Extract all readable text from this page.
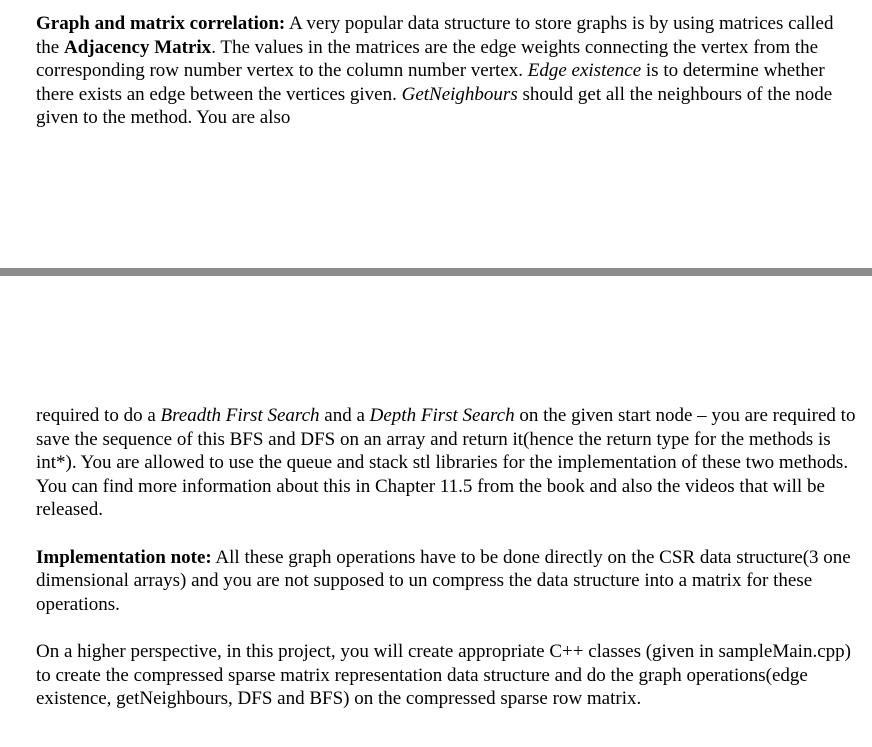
Graph and matrix correlation: A very popular data structure to store graphs is by using matrices called the Adjacency Matrix. The values in the matrices are the edge weights connecting the vertex from the corresponding row number vertex to the column number vertex. Edge existence is to determine whether there exists an edge between the vertices given. GetNeighbours should get all the neighbours of the node given to the method. You are also

required to do a Breadth First Search and a Depth First Search on the given start node – you are required to save the sequence of this BFS and DFS on an array and return it(hence the return type for the methods is int*). You are allowed to use the queue and stack stl libraries for the implementation of these two methods. You can find more information about this in Chapter 11.5 from the book and also the videos that will be released.

Implementation note: All these graph operations have to be done directly on the CSR data structure(3 one dimensional arrays) and you are not supposed to un compress the data structure into a matrix for these operations.

On a higher perspective, in this project, you will create appropriate C++ classes (given in sampleMain.cpp) to create the compressed sparse matrix representation data structure and do the graph operations(edge existence, getNeighbours, DFS and BFS) on the compressed sparse row matrix.
